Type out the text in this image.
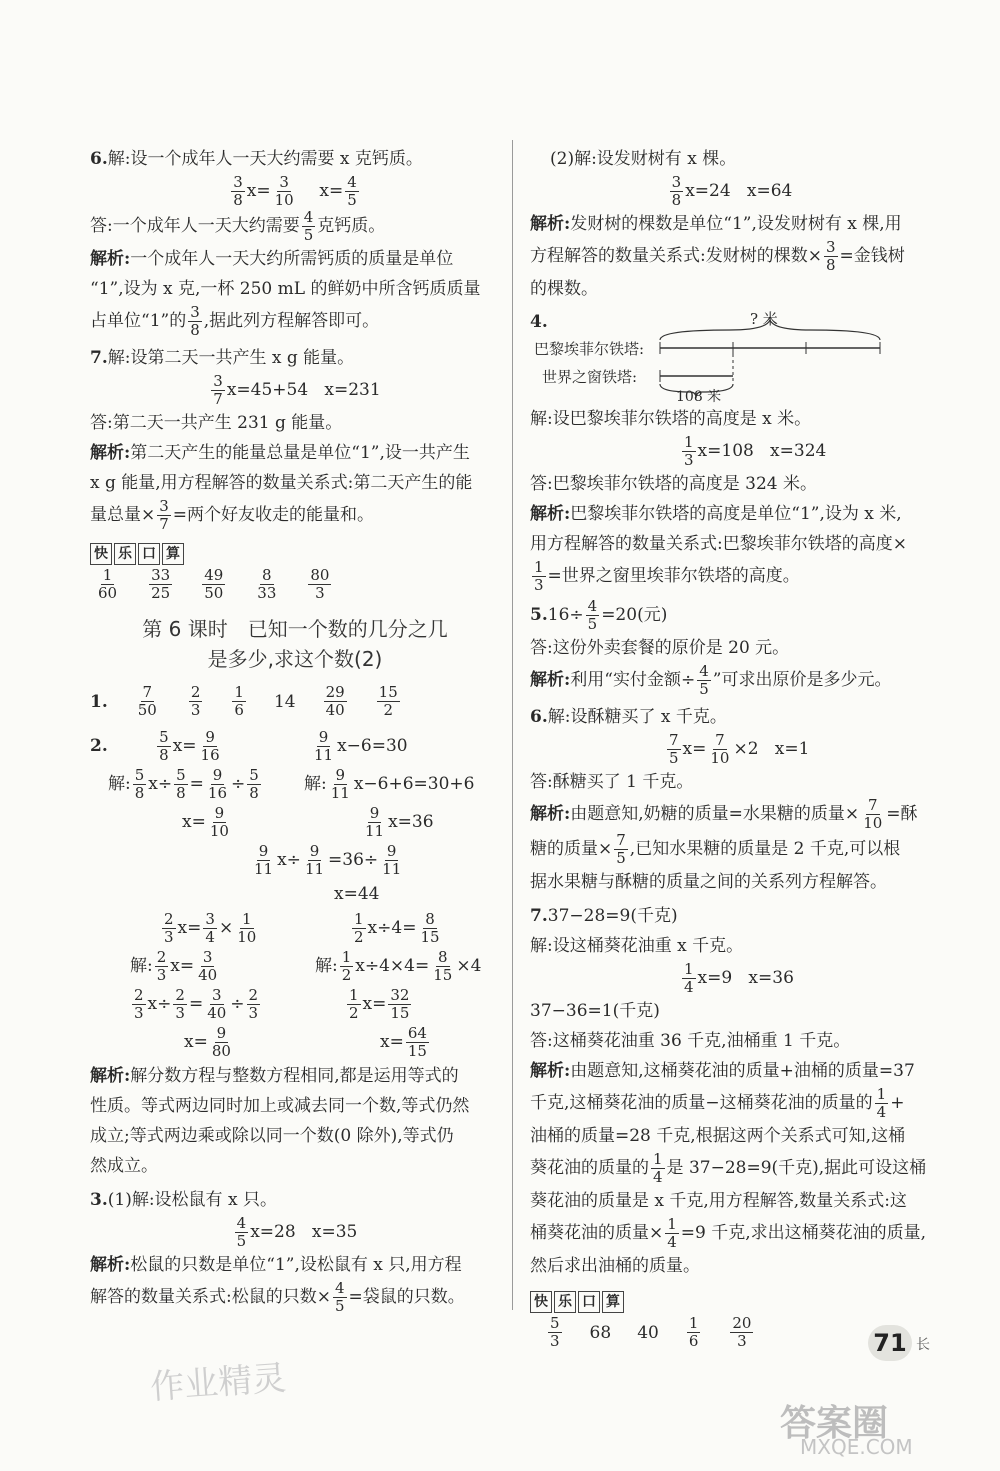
6.解:设一个成年人一天大约需要 x 克钙质。
$\frac{3}{8} x= \frac{3}{10} x= \frac{4}{5}$
答:一个成年人一天大约需要 $\frac{4}{5}$ 克钙质。
解析:一个成年人一天大约所需钙质的质量是单位
“1”,设为 x 克,一杯 250 mL 的鲜奶中所含钙质质量
占单位“1”的 $\frac{3}{8}$ ,据此列方程解答即可。
7.解:设第二天一共产生 x g 能量。
$\frac{3}{7} x=45+54$ x=231
答:第二天一共产生 231 g 能量。
解析:第二天产生的能量总量是单位“1”,设一共产生
x g 能量,用方程解答的数量关系式:第二天产生的能
量总量× $\frac{3}{7}$ =两个好友收走的能量和。
快 乐 口 算
$\frac{1}{60} \frac{33}{25} \frac{49}{50} \frac{8}{33} \frac{80}{3}$
第 6 课时　已知一个数的几分之几
是多少,求这个数(2)
1. $\frac{7}{50} \frac{2}{3} \frac{1}{6} 14 \frac{29}{40} \frac{15}{2}$
2.	$\frac{5}{8} x= \frac{9}{16}$	$\frac{9}{11} x-6=30$
解: $\frac{5}{8} x\div \frac{5}{8} = \frac{9}{16} \div \frac{5}{8}$	解: $\frac{9}{11} x-6+6=30+6$
$x= \frac{9}{10}$	$\frac{9}{11} x=36$
$\frac{9}{11} x\div \frac{9}{11} =36\div \frac{9}{11}$
x=44
$\frac{2}{3} x= \frac{3}{4} \times \frac{1}{10}$	$\frac{1}{2} x\div 4= \frac{8}{15}$
解: $\frac{2}{3} x= \frac{3}{40}$	解: $\frac{1}{2} x\div 4\times 4= \frac{8}{15} \times 4$
$\frac{2}{3} x\div \frac{2}{3} = \frac{3}{40} \div \frac{2}{3}$	$\frac{1}{2} x= \frac{32}{15}$
$x= \frac{9}{80}$	$x= \frac{64}{15}$
解析:解分数方程与整数方程相同,都是运用等式的
性质。等式两边同时加上或减去同一个数,等式仍然
成立;等式两边乘或除以同一个数(0 除外),等式仍
然成立。
3.(1)解:设松鼠有 x 只。
$\frac{4}{5} x=28$ x=35
解析:松鼠的只数是单位“1”,设松鼠有 x 只,用方程
解答的数量关系式:松鼠的只数× $\frac{4}{5}$ =袋鼠的只数。
(2)解:设发财树有 x 棵。
$\frac{3}{8} x=24$ x=64
解析:发财树的棵数是单位“1”,设发财树有 x 棵,用
方程解答的数量关系式:发财树的棵数× $\frac{3}{8}$ =金钱树
的棵数。
4.	? 米
巴黎埃菲尔铁塔:
世界之窗铁塔:
108 米
解:设巴黎埃菲尔铁塔的高度是 x 米。
$\frac{1}{3} x=108$ x=324
答:巴黎埃菲尔铁塔的高度是 324 米。
解析:巴黎埃菲尔铁塔的高度是单位“1”,设为 x 米,
用方程解答的数量关系式:巴黎埃菲尔铁塔的高度×
$\frac{1}{3}$ =世界之窗里埃菲尔铁塔的高度。
$5.16\div \frac{4}{5} =20$(元)
答:这份外卖套餐的原价是 20 元。
解析:利用“实付金额÷ $\frac{4}{5}$ ”可求出原价是多少元。
6.解:设酥糖买了 x 千克。
$\frac{7}{5} x= \frac{7}{10} \times 2$ x=1
答:酥糖买了 1 千克。
解析:由题意知,奶糖的质量=水果糖的质量× $\frac{7}{10}$ =酥
糖的质量× $\frac{7}{5}$ ,已知水果糖的质量是 2 千克,可以根
据水果糖与酥糖的质量之间的关系列方程解答。
7.37−28=9(千克)
解:设这桶葵花油重 x 千克。
$\frac{1}{4} x=9$ x=36
37−36=1(千克)
答:这桶葵花油重 36 千克,油桶重 1 千克。
解析:由题意知,这桶葵花油的质量+油桶的质量=37
千克,这桶葵花油的质量−这桶葵花油的质量的 $\frac{1}{4}$ +
油桶的质量=28 千克,根据这两个关系式可知,这桶
葵花油的质量的 $\frac{1}{4}$ 是 37−28=9(千克),据此可设这桶
葵花油的质量是 x 千克,用方程解答,数量关系式:这
桶葵花油的质量× $\frac{1}{4} =9$ 千克,求出这桶葵花油的质量,
然后求出油桶的质量。
快 乐 口 算
$\frac{5}{3} 68$ $40 \frac{1}{6} \frac{20}{3}$	71 长
作业精灵
答案圈
MXQE.COM
